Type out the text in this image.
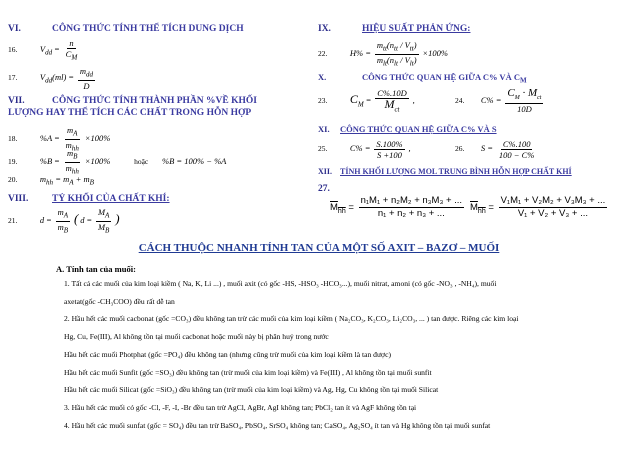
VI.	CÔNG THỨC TÍNH THỂ TÍCH DUNG DỊCH
16.	$V_{dd} = \frac{n}{C_M}$
17.	$V_{dd}(ml) = \frac{m_{dd}}{D}$
VII.	CÔNG THỨC TÍNH THÀNH PHẦN %VỀ KHỐI
LƯỢNG HAY THỂ TÍCH CÁC CHẤT TRONG HỖN HỢP
18.	$\%A = \frac{m_A}{m_{hh}} \times 100\%$
19.	$\%B = \frac{m_B}{m_{hh}} \times 100\%$	hoặc %B = 100% − %A
20.	$m_{hh} = m_A + m_B$
VIII. TỶ KHỐI CỦA CHẤT KHÍ:
21.	$d = \frac{m_A}{m_B}$ ( $d = \frac{M_A}{M_B}$ )
IX.	HIỆU SUẤT PHẢN ỨNG:
22.	$H\% = \frac{m_{tt}(n_{tt} / V_{tt})}{m_{lt}(n_{lt} / V_{lt})} \times 100\%$
X.	CÔNG THỨC QUAN HỆ GIỮA C% VÀ $C_M$
23. $C_M = \frac{C\%.10D}{M_{ct}}$ ,	24. $C\% = \frac{C_M \cdot M_{ct}}{10D}$
XI. CÔNG THỨC QUAN HỆ GIỮA C% VÀ S
25.	$C\% = \frac{S.100\%}{S +100}$ ,	26. $S = \frac{C\%.100}{100 - C\%}$
XII. TÍNH KHỐI LƯỢNG MOL TRUNG BÌNH HỖN HỢP CHẤT KHÍ
27.
$M_{hh} = \frac{\text{n₁M₁ + n₂M₂ + n₃M₃ + ...}}{\text{n₁ + n₂ + n₃ + ...}} M_{hh} = \frac{\text{V₁M₁ + V₂M₂ + V₃M₃ + ...}}{\text{V₁ + V₂ + V₃ + ...}}$
CÁCH THUỘC NHANH TÍNH TAN CỦA MỘT SỐ AXIT – BAZƠ – MUỐI
A. Tính tan của muối:
1. Tất cả các muối của kim loại kiềm ( Na, K, Li ...) , muối axit (có gốc -HS, -HSO₃ -HCO₃...), muối nitrat, amoni (có gốc -NO₃ , -NH₄), muối
axetat(gốc -CH₃COO) đều rất dễ tan
2. Hầu hết các muối cacbonat (gốc =CO₃) đều không tan trừ các muối của kim loại kiềm ( Na₂CO₃, K₂CO₃, Li₂CO₃, ... ) tan được. Riêng các kim loại
Hg, Cu, Fe(III), Al không tồn tại muối cacbonat hoặc muối này bị phân huỷ trong nước
Hầu hết các muối Photphat (gốc =PO₄) đều không tan (nhưng cũng trừ muối của kim loại kiềm là tan được)
Hầu hết các muối Sunfit (gốc =SO₃) đều không tan (trừ muối của kim loại kiềm) và Fe(III) , Al không tồn tại muối sunfit
Hầu hết các muối Silicat (gốc =SiO₃) đều không tan (trừ muối của kim loại kiềm) và Ag, Hg, Cu không tồn tại muối Silicat
3. Hầu hết các muối có gốc -Cl, -F, -I, -Br đều tan trừ AgCl, AgBr, AgI không tan; PbCl₂ tan ít và AgF không tồn tại
4. Hầu hết các muối sunfat (gốc = SO₄) đều tan trừ BaSO₄, PbSO₄, SrSO₄ không tan; CaSO₄, Ag₂SO₄ ít tan và Hg không tồn tại muối sunfat
